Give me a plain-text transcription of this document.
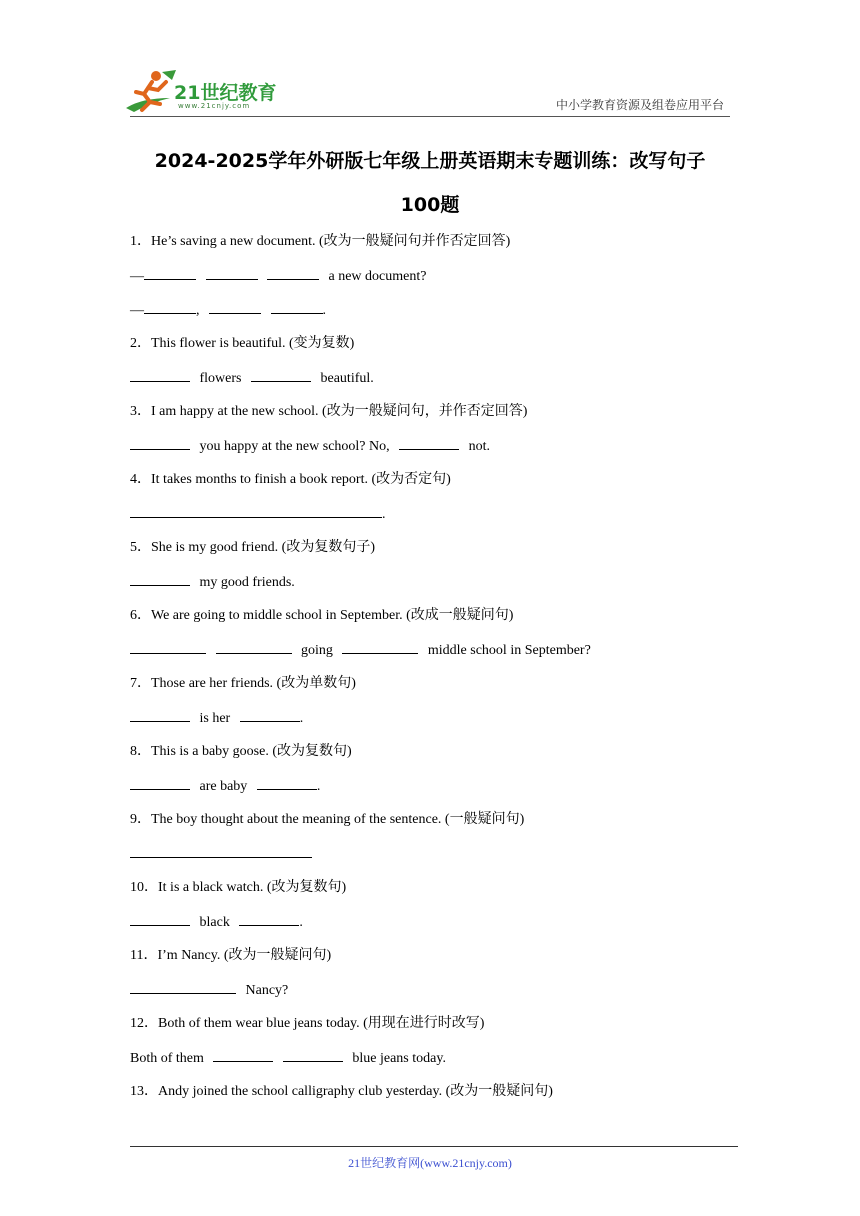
21世纪教育
www.21cnjy.com	中小学教育资源及组卷应用平台
2024-2025学年外研版七年级上册英语期末专题训练：改写句子
100题
1．He’s saving a new document. (改为一般疑问句并作否定回答)
—	a new document?
—	,	.
2．This flower is beautiful. (变为复数)
flowers	beautiful.
3．I am happy at the new school. (改为一般疑问句，并作否定回答)
you happy at the new school? No,	not.
4．It takes months to finish a book report. (改为否定句)
.
5．She is my good friend. (改为复数句子)
my good friends.
6．We are going to middle school in September. (改成一般疑问句)
going	middle school in September?
7．Those are her friends. (改为单数句)
is her	.
8．This is a baby goose. (改为复数句)
are baby	.
9．The boy thought about the meaning of the sentence. (一般疑问句)
10．It is a black watch. (改为复数句)
black	.
11．I’m Nancy. (改为一般疑问句)
Nancy?
12．Both of them wear blue jeans today. (用现在进行时改写)
Both of them	blue jeans today.
13．Andy joined the school calligraphy club yesterday. (改为一般疑问句)
21世纪教育网(www.21cnjy.com)
